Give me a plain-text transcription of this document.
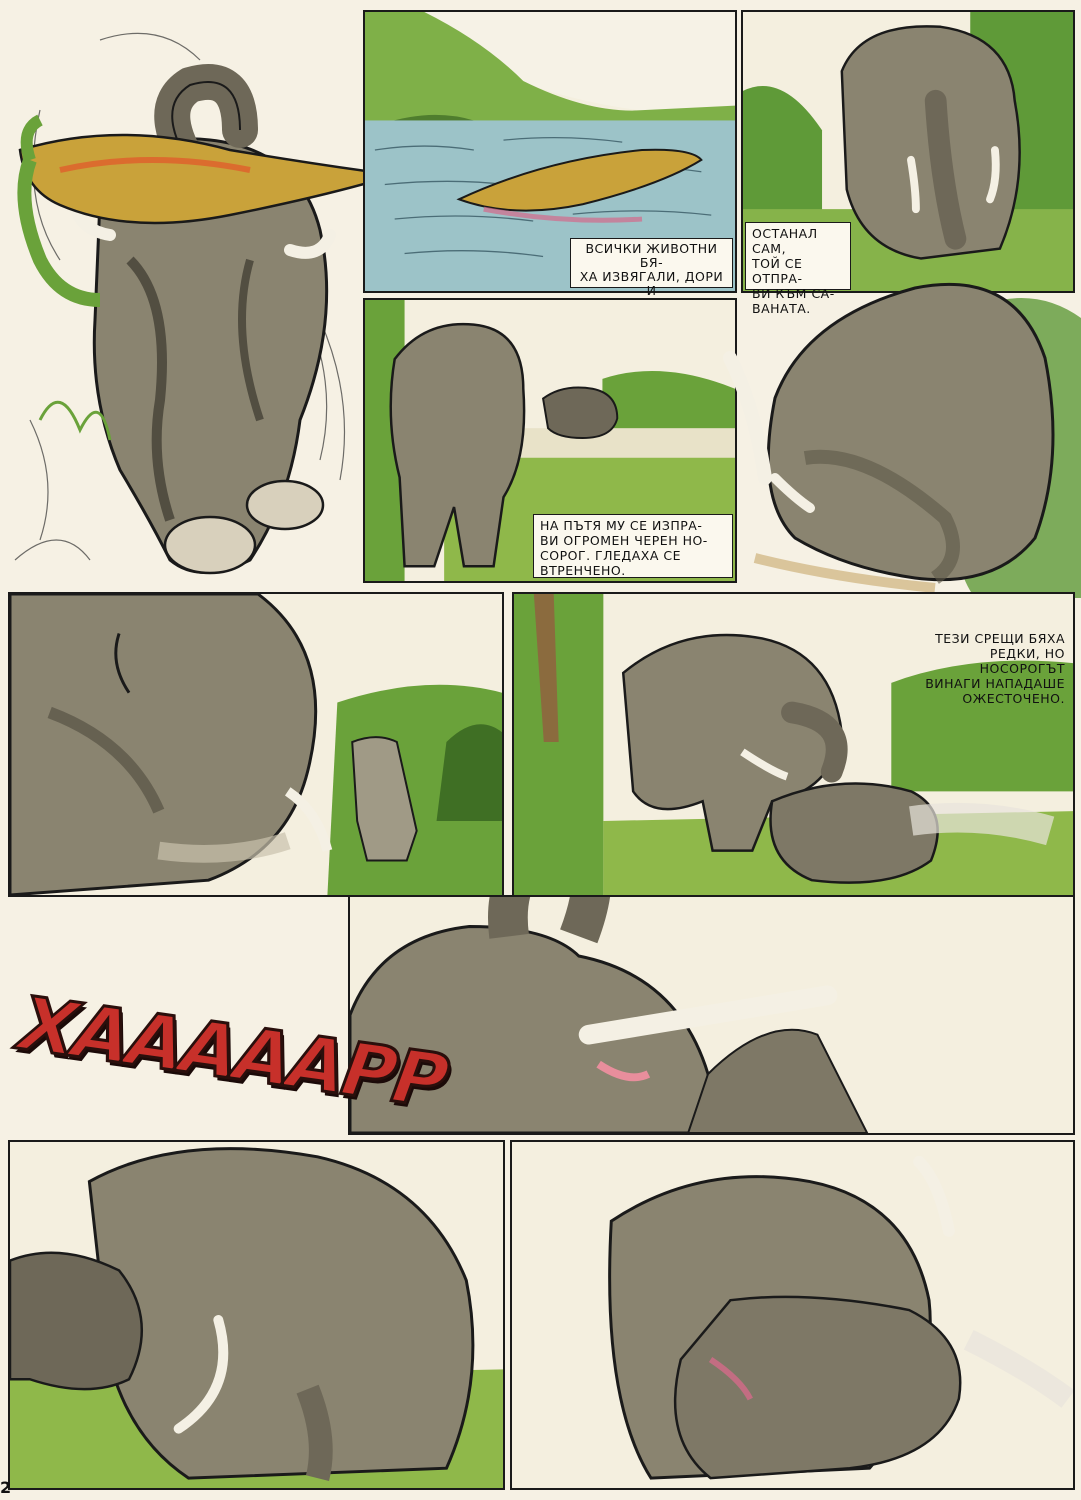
ВСИЧКИ ЖИВОТНИ БЯ-
ХА ИЗВЯГАЛИ, ДОРИ И

ОСТАНАЛ САМ,
ТОЙ СЕ ОТПРА-
ВИ КЪМ СА-
ВАНАТА.
НА ПЪТЯ МУ СЕ ИЗПРА-
ВИ ОГРОМЕН ЧЕРЕН НО-
СОРОГ. ГЛЕДАХА СЕ
ВТРЕНЧЕНО.
ТЕЗИ СРЕЩИ БЯХА
РЕДКИ, НО НОСОРОГЪТ
ВИНАГИ НАПАДАШЕ
ОЖЕСТОЧЕНО.
ХАААААРР
2
